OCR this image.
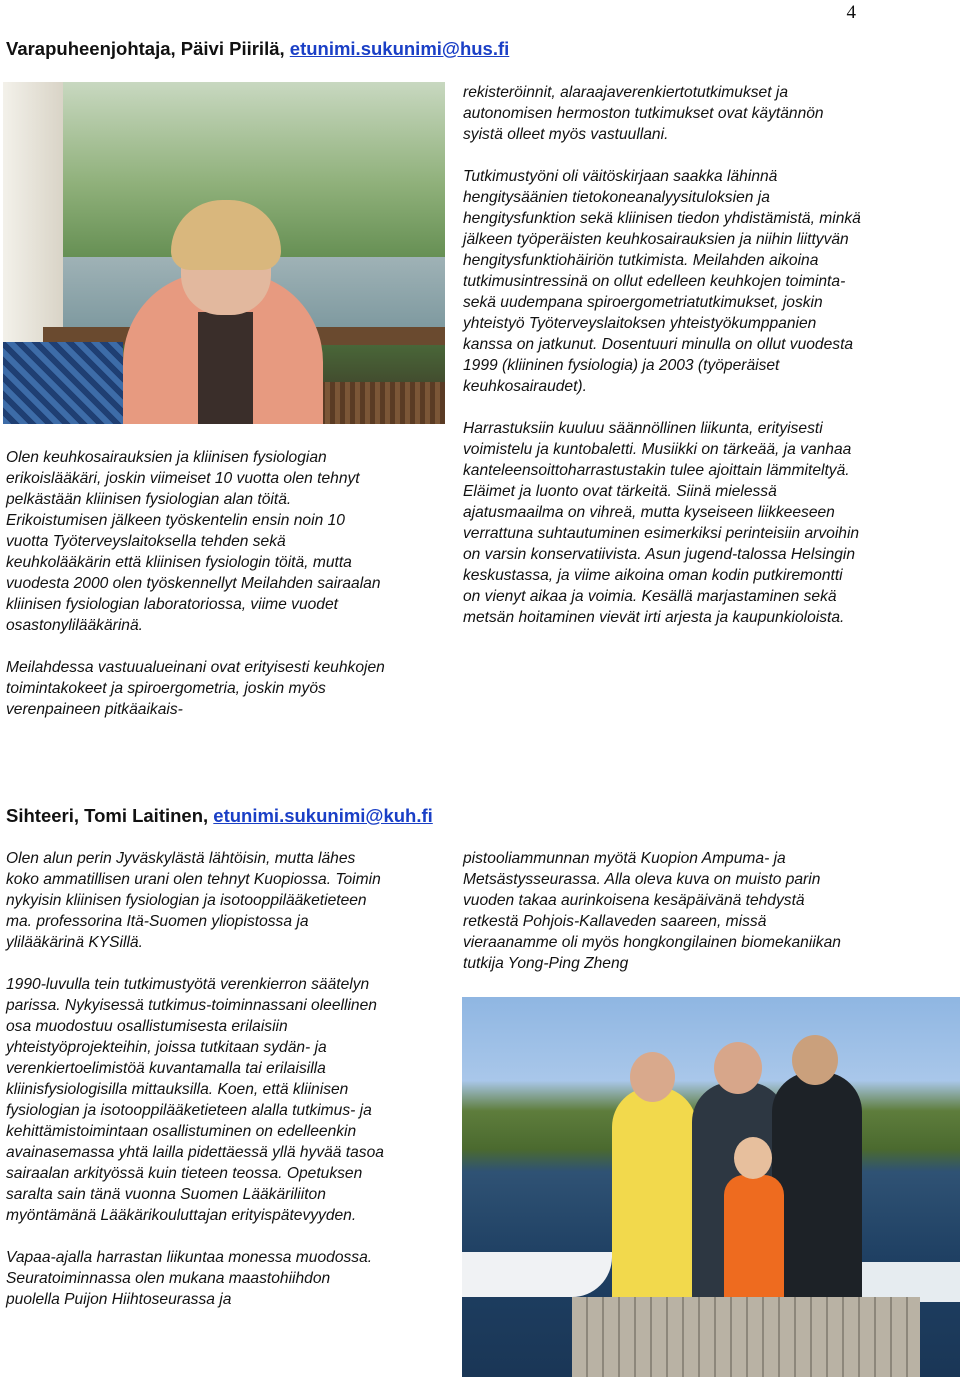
4
Varapuheenjohtaja, Päivi Piirilä, etunimi.sukunimi@hus.fi

Olen keuhkosairauksien ja kliinisen fysiologian erikoislääkäri, joskin viimeiset 10 vuotta olen tehnyt pelkästään kliinisen fysiologian alan töitä. Erikoistumisen jälkeen työskentelin ensin noin 10 vuotta Työterveyslaitoksella tehden sekä keuhkolääkärin että kliinisen fysiologin töitä, mutta vuodesta 2000 olen työskennellyt Meilahden sairaalan kliinisen fysiologian laboratoriossa, viime vuodet osastonylilääkärinä.

Meilahdessa vastuualueinani ovat erityisesti keuhkojen toimintakokeet ja spiroergometria, joskin myös verenpaineen pitkäaikais-

rekisteröinnit, alaraajaverenkiertotutkimukset ja autonomisen hermoston tutkimukset ovat käytännön syistä olleet myös vastuullani.

Tutkimustyöni oli väitöskirjaan saakka lähinnä hengitysäänien tietokoneanalyysituloksien ja hengitysfunktion sekä kliinisen tiedon yhdistämistä, minkä jälkeen työperäisten keuhkosairauksien ja niihin liittyvän hengitysfunktiohäiriön tutkimista. Meilahden aikoina tutkimusintressinä on ollut edelleen keuhkojen toiminta- sekä uudempana spiroergometriatutkimukset, joskin yhteistyö Työterveyslaitoksen yhteistyökumppanien kanssa on jatkunut. Dosentuuri minulla on ollut vuodesta 1999 (kliininen fysiologia) ja 2003 (työperäiset keuhkosairaudet).

Harrastuksiin kuuluu säännöllinen liikunta, erityisesti voimistelu ja kuntobaletti. Musiikki on tärkeää, ja vanhaa kanteleensoittoharrastustakin tulee ajoittain lämmiteltyä. Eläimet ja luonto ovat tärkeitä. Siinä mielessä ajatusmaailma on vihreä, mutta kyseiseen liikkeeseen verrattuna suhtautuminen esimerkiksi perinteisiin arvoihin on varsin konservatiivista. Asun jugend-talossa Helsingin keskustassa, ja viime aikoina oman kodin putkiremontti on vienyt aikaa ja voimia. Kesällä marjastaminen sekä metsän hoitaminen vievät irti arjesta ja kaupunkioloista.

Sihteeri, Tomi Laitinen, etunimi.sukunimi@kuh.fi

Olen alun perin Jyväskylästä lähtöisin, mutta lähes koko ammatillisen urani olen tehnyt Kuopiossa. Toimin nykyisin kliinisen fysiologian ja isotooppilääketieteen ma. professorina Itä-Suomen yliopistossa ja ylilääkärinä KYSillä.

1990-luvulla tein tutkimustyötä verenkierron säätelyn parissa. Nykyisessä tutkimus-toiminnassani oleellinen osa muodostuu osallistumisesta erilaisiin yhteistyöprojekteihin, joissa tutkitaan sydän- ja verenkiertoelimistöä kuvantamalla tai erilaisilla kliinisfysiologisilla mittauksilla. Koen, että kliinisen fysiologian ja isotooppilääketieteen alalla tutkimus- ja kehittämistoimintaan osallistuminen on edelleenkin avainasemassa yhtä lailla pidettäessä yllä hyvää tasoa sairaalan arkityössä kuin tieteen teossa. Opetuksen saralta sain tänä vuonna Suomen Lääkäriliiton myöntämänä Lääkärikouluttajan erityispätevyyden.

Vapaa-ajalla harrastan liikuntaa monessa muodossa. Seuratoiminnassa olen mukana maastohiihdon puolella Puijon Hiihtoseurassa ja

pistooliammunnan myötä Kuopion Ampuma- ja Metsästysseurassa. Alla oleva kuva on muisto parin vuoden takaa aurinkoisena kesäpäivänä tehdystä retkestä Pohjois-Kallaveden saareen, missä vieraanamme oli myös hongkongilainen biomekaniikan tutkija Yong-Ping Zheng
